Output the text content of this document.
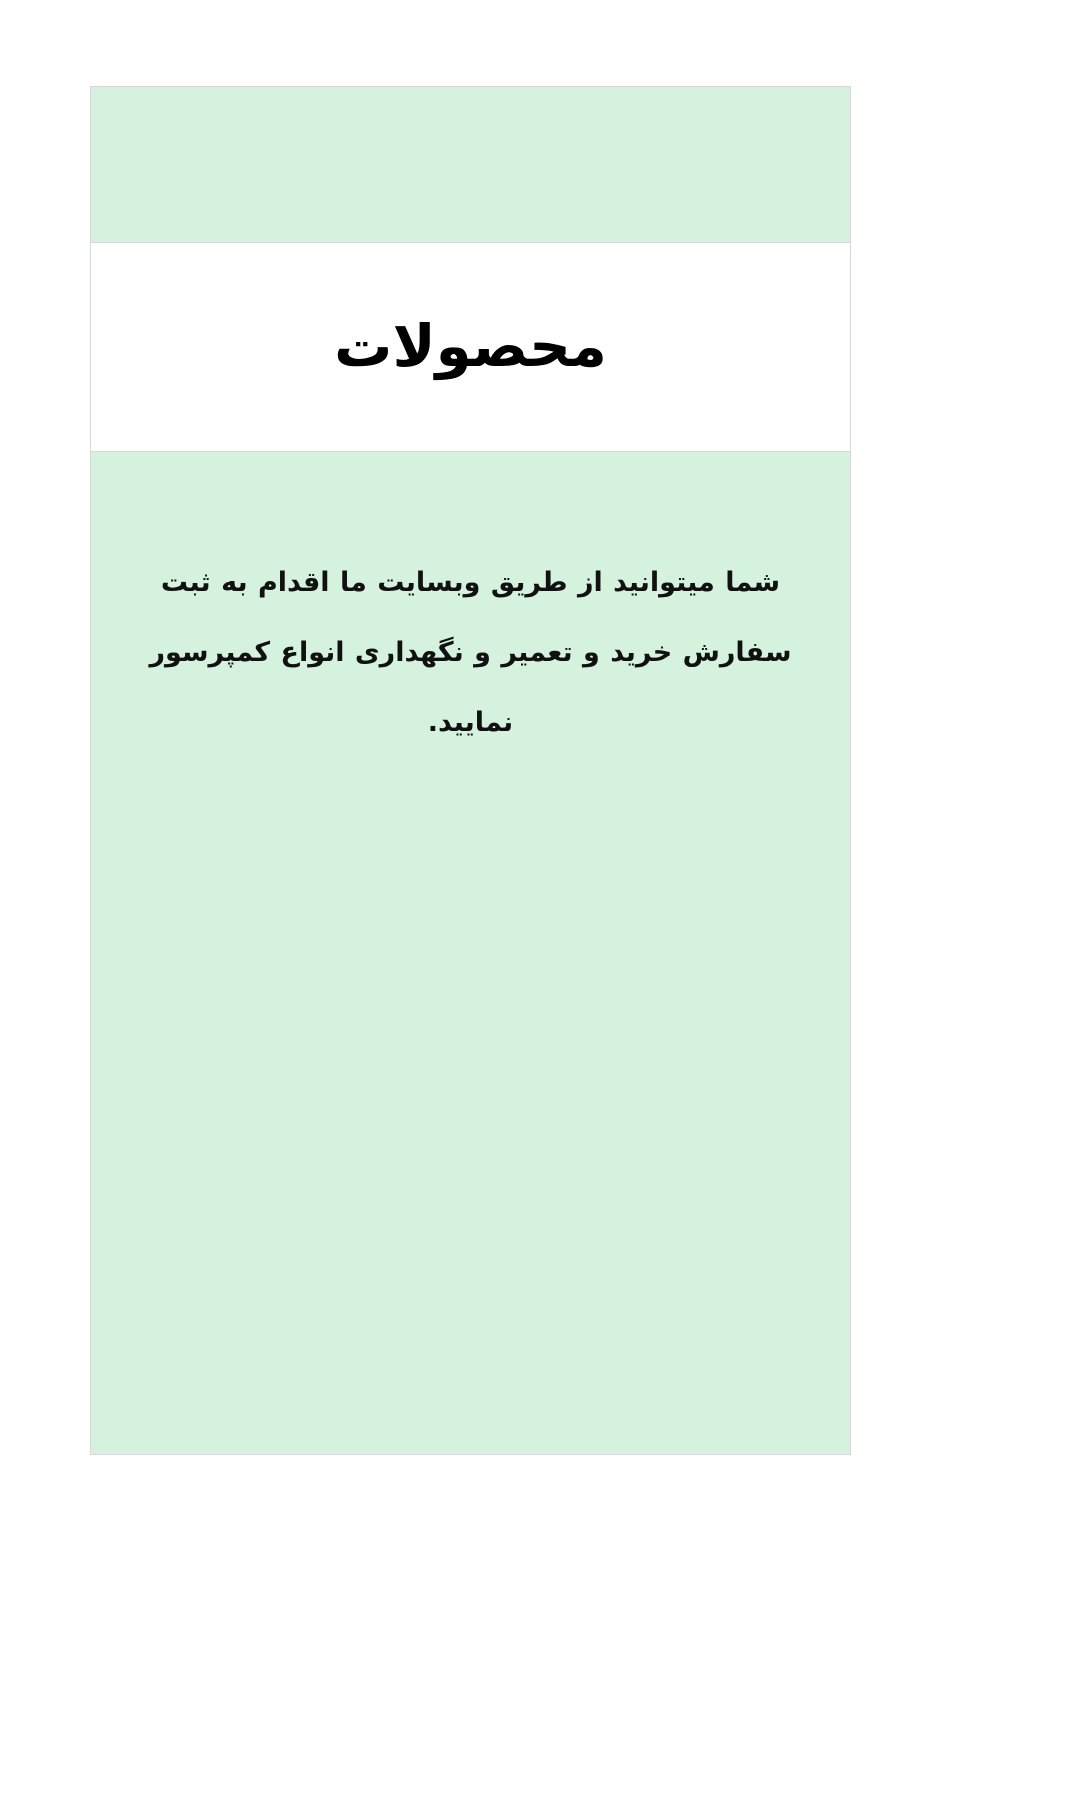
محصولات

شما میتوانید از طریق وبسایت ما اقدام به ثبت سفارش خرید و تعمیر و نگهداری انواع کمپرسور نمایید.
